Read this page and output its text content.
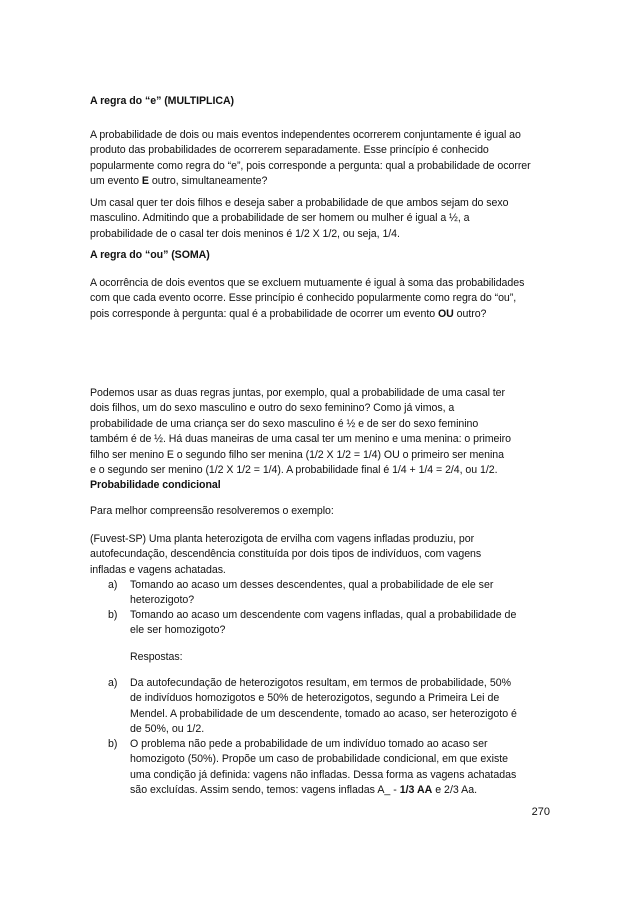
A regra do “e” (MULTIPLICA)

A probabilidade de dois ou mais eventos independentes ocorrerem conjuntamente é igual ao
produto das probabilidades de ocorrerem separadamente. Esse princípio é conhecido
popularmente como regra do “e”, pois corresponde a pergunta: qual a probabilidade de ocorrer
um evento E outro, simultaneamente?

Um casal quer ter dois filhos e deseja saber a probabilidade de que ambos sejam do sexo
masculino. Admitindo que a probabilidade de ser homem ou mulher é igual a ½, a
probabilidade de o casal ter dois meninos é 1/2 X 1/2, ou seja, 1/4.

A regra do “ou” (SOMA)

A ocorrência de dois eventos que se excluem mutuamente é igual à soma das probabilidades
com que cada evento ocorre. Esse princípio é conhecido popularmente como regra do “ou”,
pois corresponde à pergunta: qual é a probabilidade de ocorrer um evento OU outro?

Podemos usar as duas regras juntas, por exemplo, qual a probabilidade de uma casal ter
dois filhos, um do sexo masculino e outro do sexo feminino? Como já vimos, a
probabilidade de uma criança ser do sexo masculino é ½ e de ser do sexo feminino
também é de ½. Há duas maneiras de uma casal ter um menino e uma menina: o primeiro
filho ser menino E o segundo filho ser menina (1/2 X 1/2 = 1/4) OU o primeiro ser menina
e o segundo ser menino (1/2 X 1/2 = 1/4). A probabilidade final é 1/4 + 1/4 = 2/4, ou 1/2.

Probabilidade condicional

Para melhor compreensão resolveremos o exemplo:

(Fuvest-SP) Uma planta heterozigota de ervilha com vagens infladas produziu, por
autofecundação, descendência constituída por dois tipos de indivíduos, com vagens
infladas e vagens achatadas.

a) Tomando ao acaso um desses descendentes, qual a probabilidade de ele ser
heterozigoto?
b) Tomando ao acaso um descendente com vagens infladas, qual a probabilidade de
ele ser homozigoto?

Respostas:

a) Da autofecundação de heterozigotos resultam, em termos de probabilidade, 50%
de indivíduos homozigotos e 50% de heterozigotos, segundo a Primeira Lei de
Mendel. A probabilidade de um descendente, tomado ao acaso, ser heterozigoto é
de 50%, ou 1/2.
b) O problema não pede a probabilidade de um indivíduo tomado ao acaso ser
homozigoto (50%). Propõe um caso de probabilidade condicional, em que existe
uma condição já definida: vagens não infladas. Dessa forma as vagens achatadas
são excluídas. Assim sendo, temos: vagens infladas A_ - 1/3 AA e 2/3 Aa.
270
